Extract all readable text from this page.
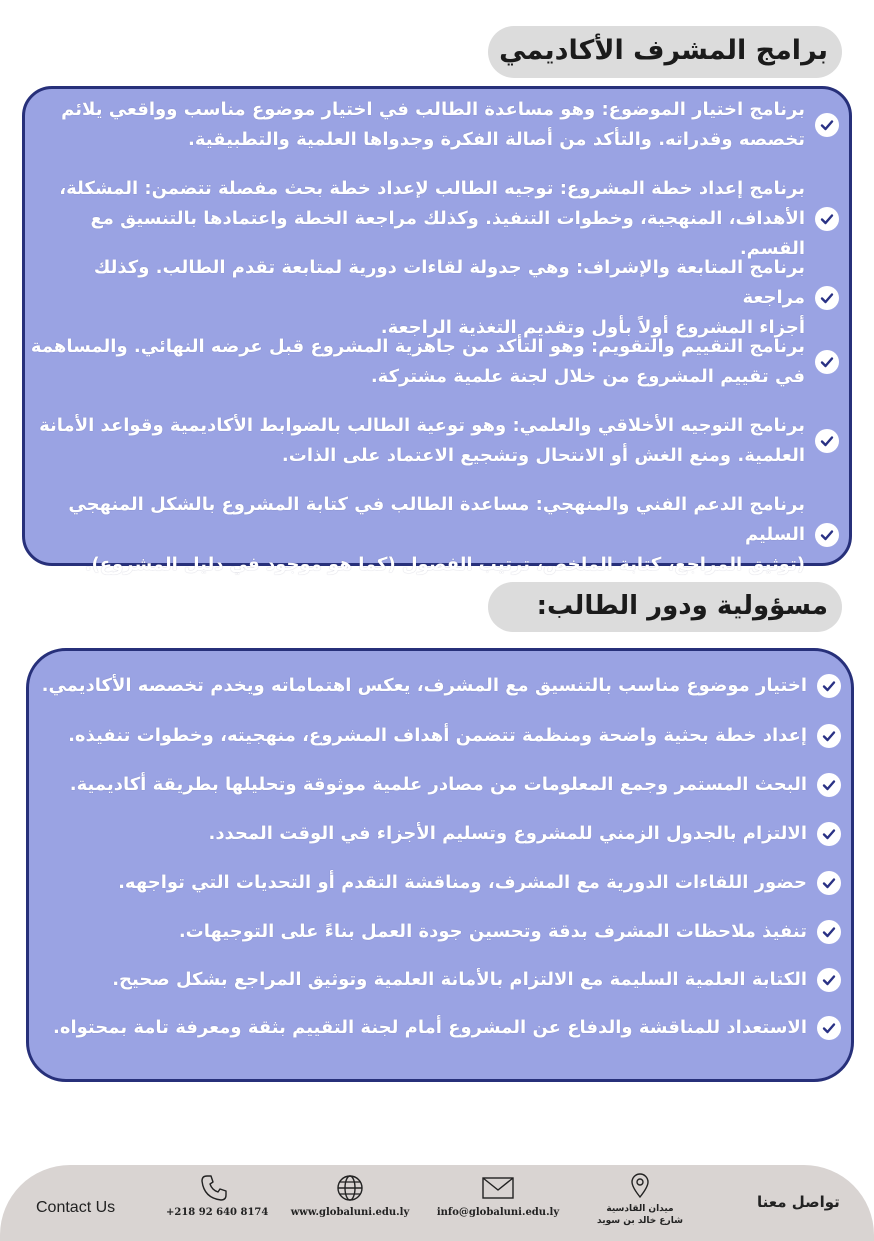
برامج المشرف الأكاديمي
برنامج اختيار الموضوع: وهو مساعدة الطالب في اختيار موضوع مناسب وواقعي يلائم
تخصصه وقدراته. والتأكد من أصالة الفكرة وجدواها العلمية والتطبيقية.
برنامج إعداد خطة المشروع: توجيه الطالب لإعداد خطة بحث مفصلة تتضمن: المشكلة،
الأهداف، المنهجية، وخطوات التنفيذ. وكذلك مراجعة الخطة واعتمادها بالتنسيق مع القسم.
برنامج المتابعة والإشراف: وهي جدولة لقاءات دورية لمتابعة تقدم الطالب. وكذلك مراجعة
أجزاء المشروع أولاً بأول وتقديم التغذية الراجعة.
برنامج التقييم والتقويم: وهو التأكد من جاهزية المشروع قبل عرضه النهائي. والمساهمة
في تقييم المشروع من خلال لجنة علمية مشتركة.
برنامج التوجيه الأخلاقي والعلمي: وهو توعية الطالب بالضوابط الأكاديمية وقواعد الأمانة
العلمية. ومنع الغش أو الانتحال وتشجيع الاعتماد على الذات.
برنامج الدعم الفني والمنهجي: مساعدة الطالب في كتابة المشروع بالشكل المنهجي السليم
(توثيق المراجع، كتابة الملخص، ترتيب الفصول (كما هو موجود في دليل المشروع).
مسؤولية ودور الطالب:
اختيار موضوع مناسب بالتنسيق مع المشرف، يعكس اهتماماته ويخدم تخصصه الأكاديمي.
إعداد خطة بحثية واضحة ومنظمة تتضمن أهداف المشروع، منهجيته، وخطوات تنفيذه.
البحث المستمر وجمع المعلومات من مصادر علمية موثوقة وتحليلها بطريقة أكاديمية.
الالتزام بالجدول الزمني للمشروع وتسليم الأجزاء في الوقت المحدد.
حضور اللقاءات الدورية مع المشرف، ومناقشة التقدم أو التحديات التي تواجهه.
تنفيذ ملاحظات المشرف بدقة وتحسين جودة العمل بناءً على التوجيهات.
الكتابة العلمية السليمة مع الالتزام بالأمانة العلمية وتوثيق المراجع بشكل صحيح.
الاستعداد للمناقشة والدفاع عن المشروع أمام لجنة التقييم بثقة ومعرفة تامة بمحتواه.
Contact Us	+218 92 640 8174 www.globaluni.edu.ly	info@globaluni.edu.ly	ميدان القادسية
شارع خالد بن سويد
تواصل معنا
